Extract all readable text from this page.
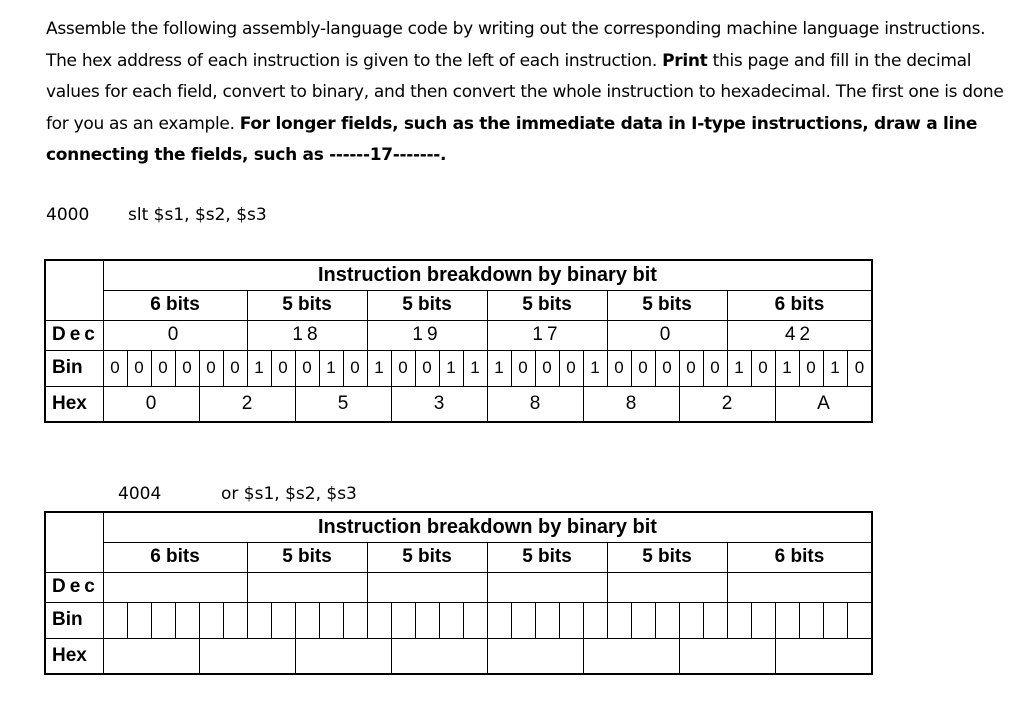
Assemble the following assembly-language code by writing out the corresponding machine language instructions. The hex address of each instruction is given to the left of each instruction. Print this page and fill in the decimal values for each field, convert to binary, and then convert the whole instruction to hexadecimal. The first one is done for you as an example. For longer fields, such as the immediate data in I-type instructions, draw a line connecting the fields, such as ------17-------.
4000 slt $s1, $s2, $s3
	Instruction breakdown by binary bit																															
	6 bits						5 bits					5 bits					5 bits					5 bits					6 bits					
Dec	0						18					19					17					0					42					
Bin	0	0	0	0	0	0	1	0	0	1	0	1	0	0	1	1	1	0	0	0	1	0	0	0	0	0	1	0	1	0	1	0
Hex	0				2				5				3				8				8				2				A			
4004	or $s1, $s2, $s3
	Instruction breakdown by binary bit																															
	6 bits						5 bits					5 bits					5 bits					5 bits					6 bits					
Dec																																
Bin																																
Hex																																
